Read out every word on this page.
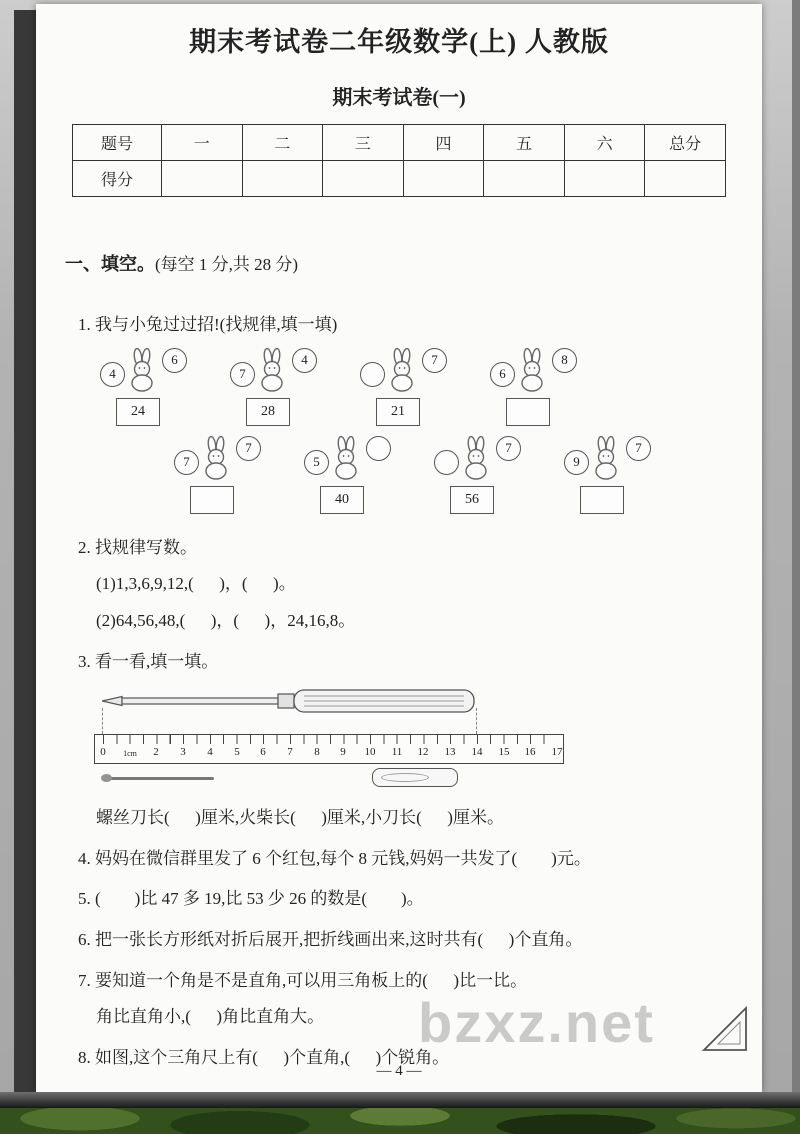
期末考试卷二年级数学(上) 人教版
期末考试卷(一)
题号	一	二	三	四	五	六	总分
得分							

一、填空。(每空 1 分,共 28 分)

1. 我与小兔过过招!(找规律,填一填)
4
6
24
7
4
28
7
21
6
8
7
7
5
40
7
56
9
7
2. 找规律写数。
(1)1,3,6,9,12,(      )，(      )。
(2)64,56,48,(      )，(      )，24,16,8。
3. 看一看,填一填。
0 1cm 2 3 4 5 6 7 8 9 10 11 12 13 14 15 16 17
螺丝刀长(      )厘米,火柴长(      )厘米,小刀长(      )厘米。
4. 妈妈在微信群里发了 6 个红包,每个 8 元钱,妈妈一共发了(        )元。
5. (        )比 47 多 19,比 53 少 26 的数是(        )。
6. 把一张长方形纸对折后展开,把折线画出来,这时共有(      )个直角。
7. 要知道一个角是不是直角,可以用三角板上的(      )比一比。
角比直角小,(      )角比直角大。
8. 如图,这个三角尺上有(      )个直角,(      )个锐角。
bzxz.net
— 4 —
